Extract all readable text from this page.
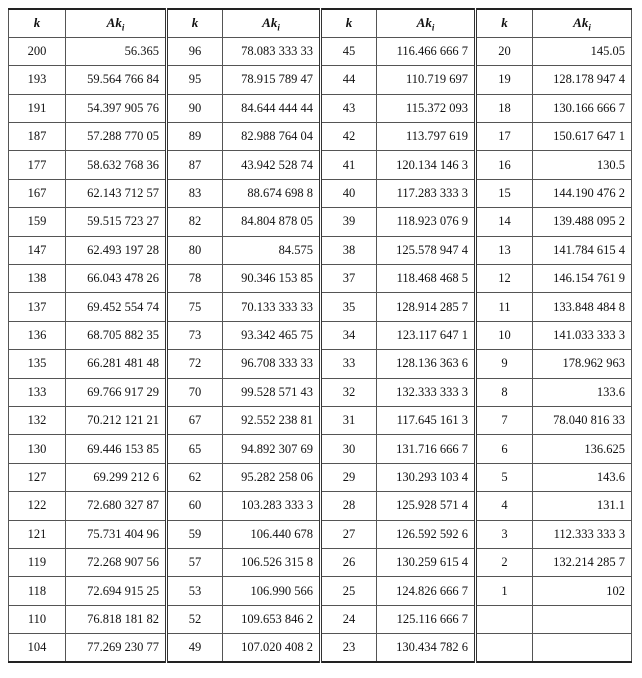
k	$Ak_i$	k	$Ak_i$	k	$Ak_i$	k	$Ak_i$
200	56.365	96	78.083 333 33	45	116.466 666 7	20	145.05
193	59.564 766 84	95	78.915 789 47	44	110.719 697	19	128.178 947 4
191	54.397 905 76	90	84.644 444 44	43	115.372 093	18	130.166 666 7
187	57.288 770 05	89	82.988 764 04	42	113.797 619	17	150.617 647 1
177	58.632 768 36	87	43.942 528 74	41	120.134 146 3	16	130.5
167	62.143 712 57	83	88.674 698 8	40	117.283 333 3	15	144.190 476 2
159	59.515 723 27	82	84.804 878 05	39	118.923 076 9	14	139.488 095 2
147	62.493 197 28	80	84.575	38	125.578 947 4	13	141.784 615 4
138	66.043 478 26	78	90.346 153 85	37	118.468 468 5	12	146.154 761 9
137	69.452 554 74	75	70.133 333 33	35	128.914 285 7	11	133.848 484 8
136	68.705 882 35	73	93.342 465 75	34	123.117 647 1	10	141.033 333 3
135	66.281 481 48	72	96.708 333 33	33	128.136 363 6	9	178.962 963
133	69.766 917 29	70	99.528 571 43	32	132.333 333 3	8	133.6
132	70.212 121 21	67	92.552 238 81	31	117.645 161 3	7	78.040 816 33
130	69.446 153 85	65	94.892 307 69	30	131.716 666 7	6	136.625
127	69.299 212 6	62	95.282 258 06	29	130.293 103 4	5	143.6
122	72.680 327 87	60	103.283 333 3	28	125.928 571 4	4	131.1
121	75.731 404 96	59	106.440 678	27	126.592 592 6	3	112.333 333 3
119	72.268 907 56	57	106.526 315 8	26	130.259 615 4	2	132.214 285 7
118	72.694 915 25	53	106.990 566	25	124.826 666 7	1	102
110	76.818 181 82	52	109.653 846 2	24	125.116 666 7		
104	77.269 230 77	49	107.020 408 2	23	130.434 782 6		
